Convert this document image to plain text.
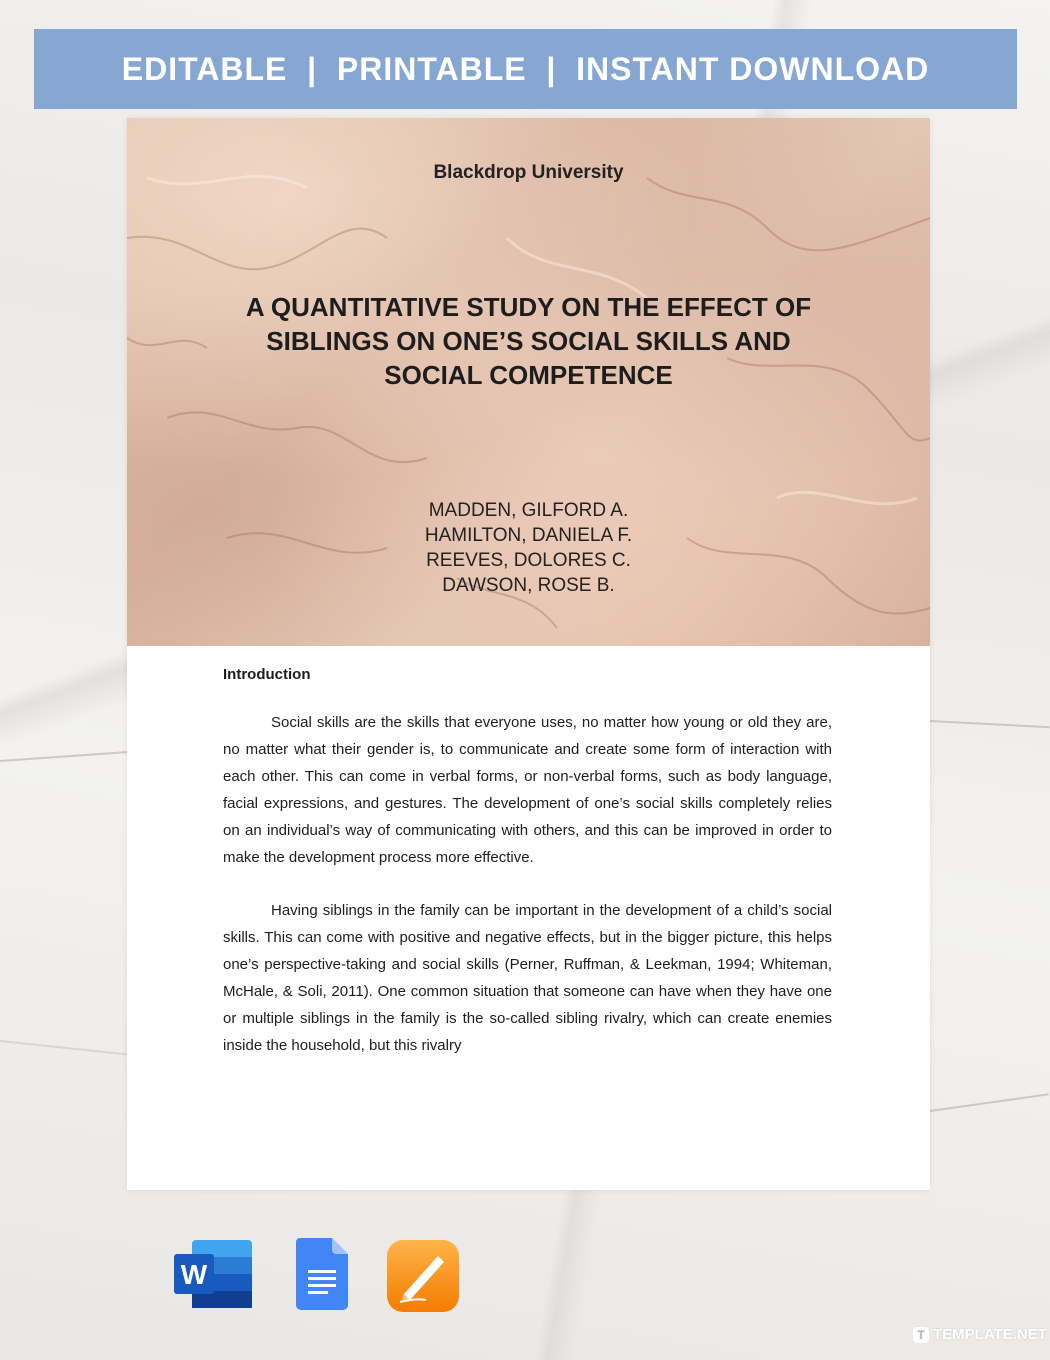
EDITABLE  |  PRINTABLE  |  INSTANT DOWNLOAD
Blackdrop University
A QUANTITATIVE STUDY ON THE EFFECT OF SIBLINGS ON ONE’S SOCIAL SKILLS AND SOCIAL COMPETENCE
MADDEN, GILFORD A.
HAMILTON, DANIELA F.
REEVES, DOLORES C.
DAWSON, ROSE B.
Introduction

Social skills are the skills that everyone uses, no matter how young or old they are, no matter what their gender is, to communicate and create some form of interaction with each other. This can come in verbal forms, or non-verbal forms, such as body language, facial expressions, and gestures. The development of one’s social skills completely relies on an individual’s way of communicating with others, and this can be improved in order to make the development process more effective.

Having siblings in the family can be important in the development of a child’s social skills. This can come with positive and negative effects, but in the bigger picture, this helps one’s perspective-taking and social skills (Perner, Ruffman, & Leekman, 1994; Whiteman, McHale, & Soli, 2011). One common situation that someone can have when they have one or multiple siblings in the family is the so-called sibling rivalry, which can create enemies inside the household, but this rivalry

W
T TEMPLATE.NET
